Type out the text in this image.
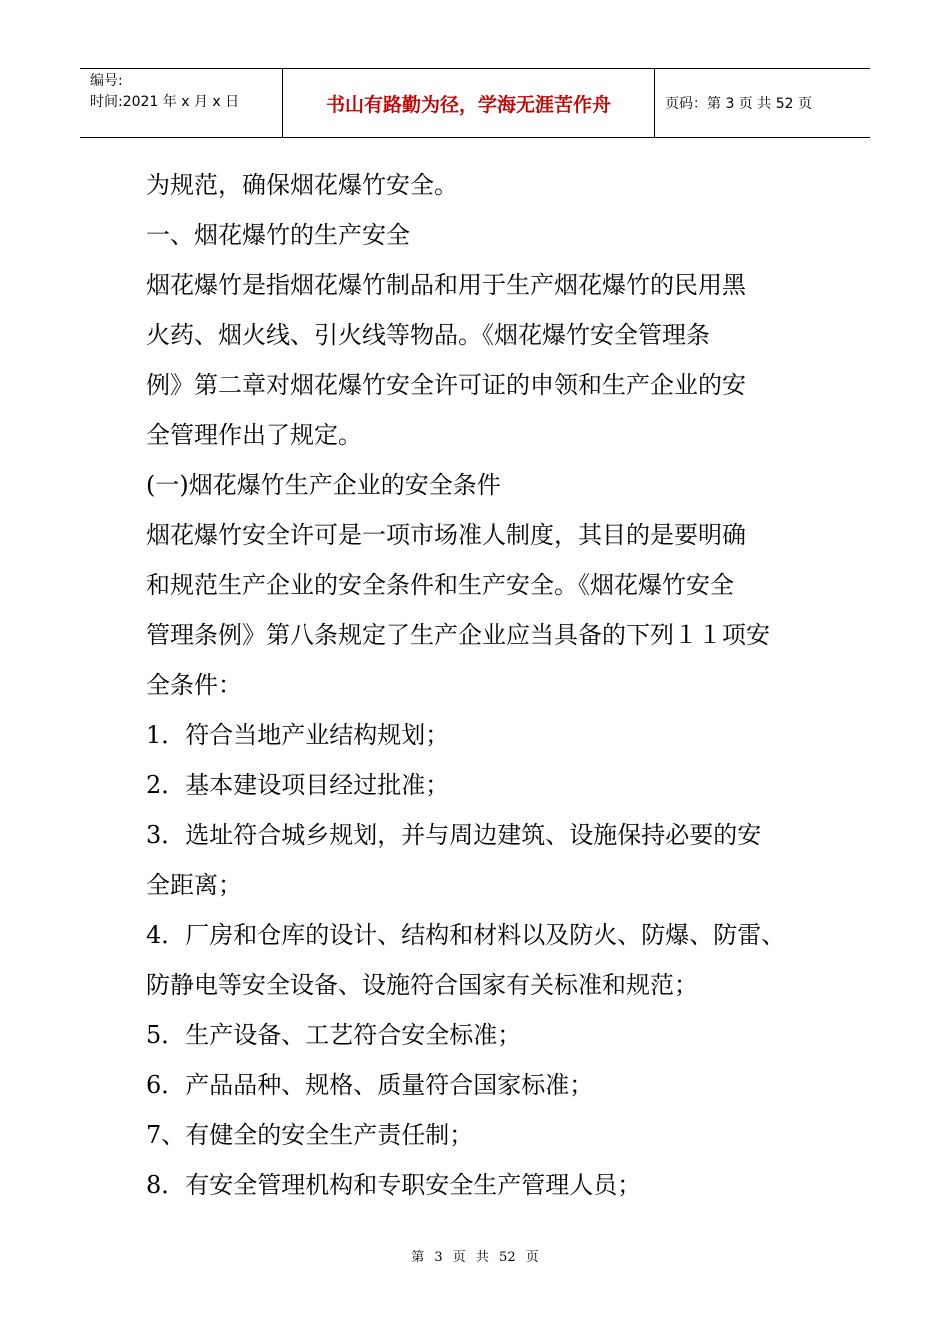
编号:
时间:2021 年 x 月 x 日	书山有路勤为径，学海无涯苦作舟	页码：第 3 页 共 52 页

为规范，确保烟花爆竹安全。

一、烟花爆竹的生产安全

烟花爆竹是指烟花爆竹制品和用于生产烟花爆竹的民用黑

火药、烟火线、引火线等物品。《烟花爆竹安全管理条

例》第二章对烟花爆竹安全许可证的申领和生产企业的安

全管理作出了规定。

(一)烟花爆竹生产企业的安全条件

烟花爆竹安全许可是一项市场准人制度，其目的是要明确

和规范生产企业的安全条件和生产安全。《烟花爆竹安全

管理条例》第八条规定了生产企业应当具备的下列１１项安

全条件：

1．符合当地产业结构规划；

2．基本建设项目经过批准；

3．选址符合城乡规划，并与周边建筑、设施保持必要的安

全距离；

4．厂房和仓库的设计、结构和材料以及防火、防爆、防雷、

防静电等安全设备、设施符合国家有关标准和规范；

5．生产设备、工艺符合安全标准；

6．产品品种、规格、质量符合国家标准；

7、有健全的安全生产责任制；

8．有安全管理机构和专职安全生产管理人员；

第 3 页 共 52 页
